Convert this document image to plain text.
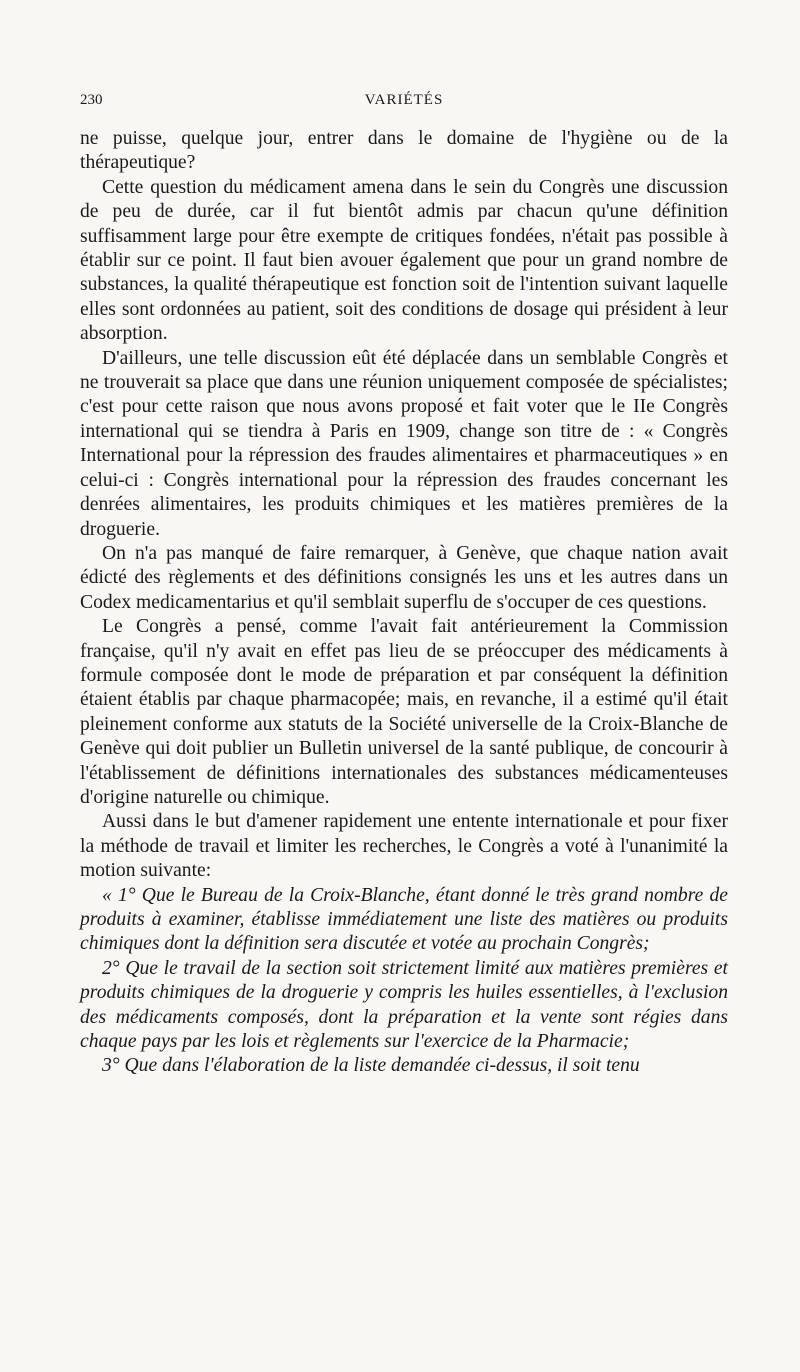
230	VARIÉTÉS

ne puisse, quelque jour, entrer dans le domaine de l'hygiène ou de la thérapeutique?

Cette question du médicament amena dans le sein du Congrès une discussion de peu de durée, car il fut bientôt admis par chacun qu'une définition suffisamment large pour être exempte de critiques fondées, n'était pas possible à établir sur ce point. Il faut bien avouer également que pour un grand nombre de substances, la qualité thérapeutique est fonction soit de l'intention suivant laquelle elles sont ordonnées au patient, soit des conditions de dosage qui président à leur absorption.

D'ailleurs, une telle discussion eût été déplacée dans un semblable Congrès et ne trouverait sa place que dans une réunion uniquement composée de spécialistes; c'est pour cette raison que nous avons proposé et fait voter que le IIe Congrès international qui se tiendra à Paris en 1909, change son titre de : « Congrès International pour la répression des fraudes alimentaires et pharmaceutiques » en celui-ci : Congrès international pour la répression des fraudes concernant les denrées alimentaires, les produits chimiques et les matières premières de la droguerie.

On n'a pas manqué de faire remarquer, à Genève, que chaque nation avait édicté des règlements et des définitions consignés les uns et les autres dans un Codex medicamentarius et qu'il semblait superflu de s'occuper de ces questions.

Le Congrès a pensé, comme l'avait fait antérieurement la Commission française, qu'il n'y avait en effet pas lieu de se préoccuper des médicaments à formule composée dont le mode de préparation et par conséquent la définition étaient établis par chaque pharmacopée; mais, en revanche, il a estimé qu'il était pleinement conforme aux statuts de la Société universelle de la Croix-Blanche de Genève qui doit publier un Bulletin universel de la santé publique, de concourir à l'établissement de définitions internationales des substances médicamenteuses d'origine naturelle ou chimique.

Aussi dans le but d'amener rapidement une entente internationale et pour fixer la méthode de travail et limiter les recherches, le Congrès a voté à l'unanimité la motion suivante:

« 1° Que le Bureau de la Croix-Blanche, étant donné le très grand nombre de produits à examiner, établisse immédiatement une liste des matières ou produits chimiques dont la définition sera discutée et votée au prochain Congrès;

2° Que le travail de la section soit strictement limité aux matières premières et produits chimiques de la droguerie y compris les huiles essentielles, à l'exclusion des médicaments composés, dont la préparation et la vente sont régies dans chaque pays par les lois et règlements sur l'exercice de la Pharmacie;

3° Que dans l'élaboration de la liste demandée ci-dessus, il soit tenu
